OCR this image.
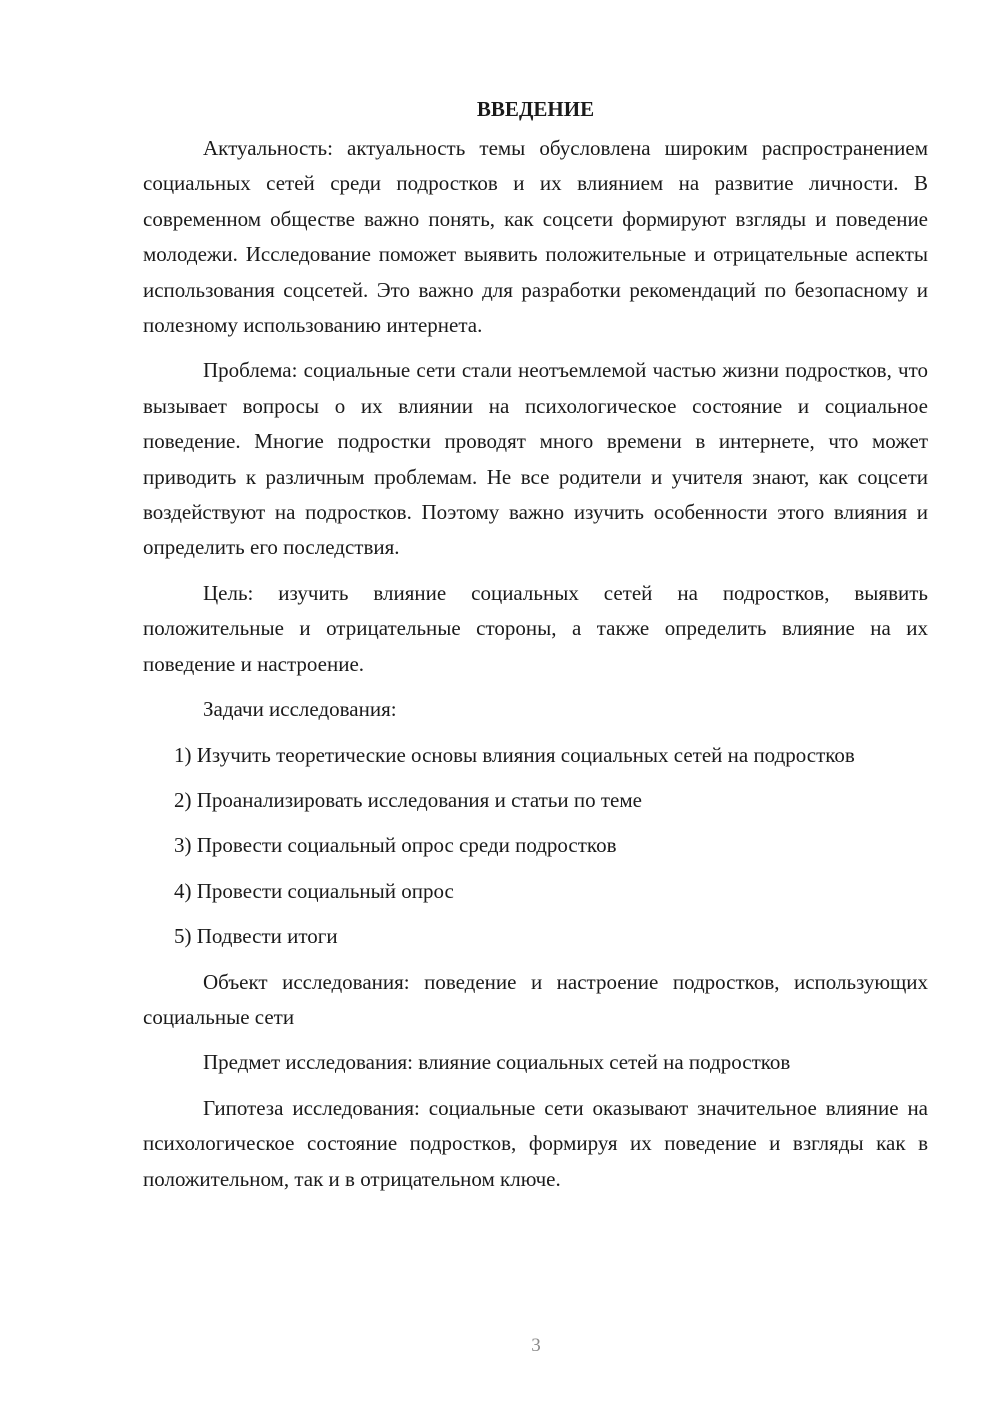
ВВЕДЕНИЕ

Актуальность: актуальность темы обусловлена широким распространением социальных сетей среди подростков и их влиянием на развитие личности. В современном обществе важно понять, как соцсети формируют взгляды и поведение молодежи. Исследование поможет выявить положительные и отрицательные аспекты использования соцсетей. Это важно для разработки рекомендаций по безопасному и полезному использованию интернета.

Проблема: социальные сети стали неотъемлемой частью жизни подростков, что вызывает вопросы о их влиянии на психологическое состояние и социальное поведение. Многие подростки проводят много времени в интернете, что может приводить к различным проблемам. Не все родители и учителя знают, как соцсети воздействуют на подростков. Поэтому важно изучить особенности этого влияния и определить его последствия.

Цель: изучить влияние социальных сетей на подростков, выявить положительные и отрицательные стороны, а также определить влияние на их поведение и настроение.

Задачи исследования:

1) Изучить теоретические основы влияния социальных сетей на подростков

2) Проанализировать исследования и статьи по теме

3) Провести социальный опрос среди подростков

4) Провести социальный опрос

5) Подвести итоги

Объект исследования: поведение и настроение подростков, использующих социальные сети

Предмет исследования: влияние социальных сетей на подростков

Гипотеза исследования: социальные сети оказывают значительное влияние на психологическое состояние подростков, формируя их поведение и взгляды как в положительном, так и в отрицательном ключе.

3
